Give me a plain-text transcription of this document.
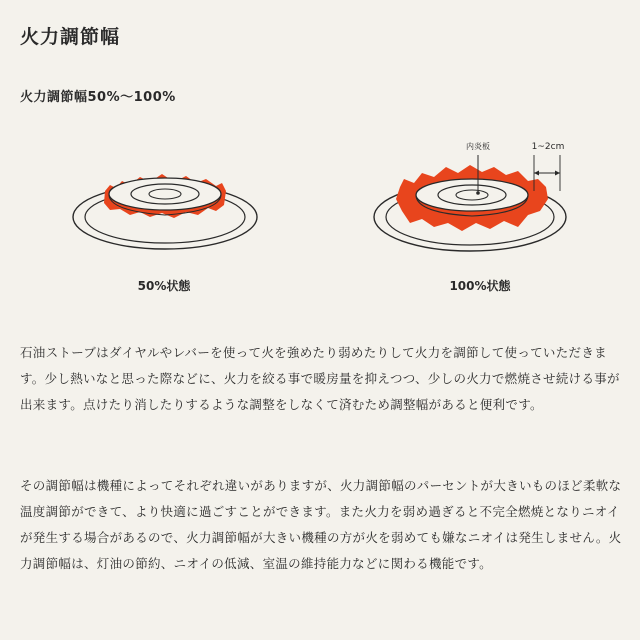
火力調節幅
火力調節幅50%～100%
内炎板	1~2cm
50%状態	100%状態

石油ストーブはダイヤルやレバーを使って火を強めたり弱めたりして火力を調節して使っていただきます。少し熱いなと思った際などに、火力を絞る事で暖房量を抑えつつ、少しの火力で燃焼させ続ける事が出来ます。点けたり消したりするような調整をしなくて済むため調整幅があると便利です。

その調節幅は機種によってそれぞれ違いがありますが、火力調節幅のパーセントが大きいものほど柔軟な温度調節ができて、より快適に過ごすことができます。また火力を弱め過ぎると不完全燃焼となりニオイが発生する場合があるので、火力調節幅が大きい機種の方が火を弱めても嫌なニオイは発生しません。火力調節幅は、灯油の節約、ニオイの低減、室温の維持能力などに関わる機能です。
